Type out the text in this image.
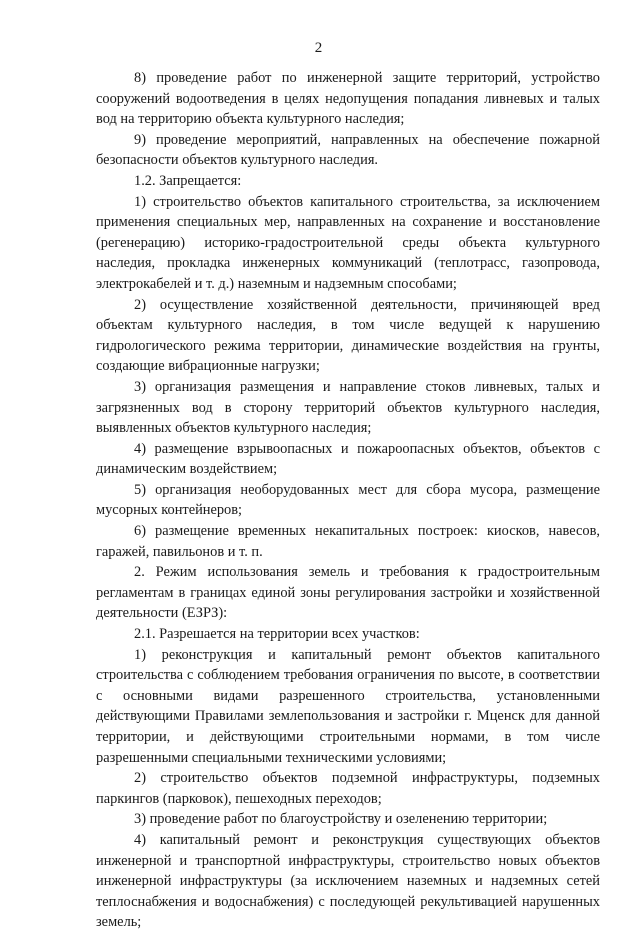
2

8) проведение работ по инженерной защите территорий, устройство сооружений водоотведения в целях недопущения попадания ливневых и талых вод на территорию объекта культурного наследия;

9) проведение мероприятий, направленных на обеспечение пожарной безопасности объектов культурного наследия.

1.2. Запрещается:

1) строительство объектов капитального строительства, за исключением применения специальных мер, направленных на сохранение и восстановление (регенерацию) историко-градостроительной среды объекта культурного наследия, прокладка инженерных коммуникаций (теплотрасс, газопровода, электрокабелей и т. д.) наземным и надземным способами;

2) осуществление хозяйственной деятельности, причиняющей вред объектам культурного наследия, в том числе ведущей к нарушению гидрологического режима территории, динамические воздействия на грунты, создающие вибрационные нагрузки;

3) организация размещения и направление стоков ливневых, талых и загрязненных вод в сторону территорий объектов культурного наследия, выявленных объектов культурного наследия;

4) размещение взрывоопасных и пожароопасных объектов, объектов с динамическим воздействием;

5) организация необорудованных мест для сбора мусора, размещение мусорных контейнеров;

6) размещение временных некапитальных построек: киосков, навесов, гаражей, павильонов и т. п.

2. Режим использования земель и требования к градостроительным регламентам в границах единой зоны регулирования застройки и хозяйственной деятельности (ЕЗРЗ):

2.1. Разрешается на территории всех участков:

1) реконструкция и капитальный ремонт объектов капитального строительства с соблюдением требования ограничения по высоте, в соответствии с основными видами разрешенного строительства, установленными действующими Правилами землепользования и застройки г. Мценск для данной территории, и действующими строительными нормами, в том числе разрешенными специальными техническими условиями;

2) строительство объектов подземной инфраструктуры, подземных паркингов (парковок), пешеходных переходов;

3) проведение работ по благоустройству и озеленению территории;

4) капитальный ремонт и реконструкция существующих объектов инженерной и транспортной инфраструктуры, строительство новых объектов инженерной инфраструктуры (за исключением наземных и надземных сетей теплоснабжения и водоснабжения) с последующей рекультивацией нарушенных земель;
